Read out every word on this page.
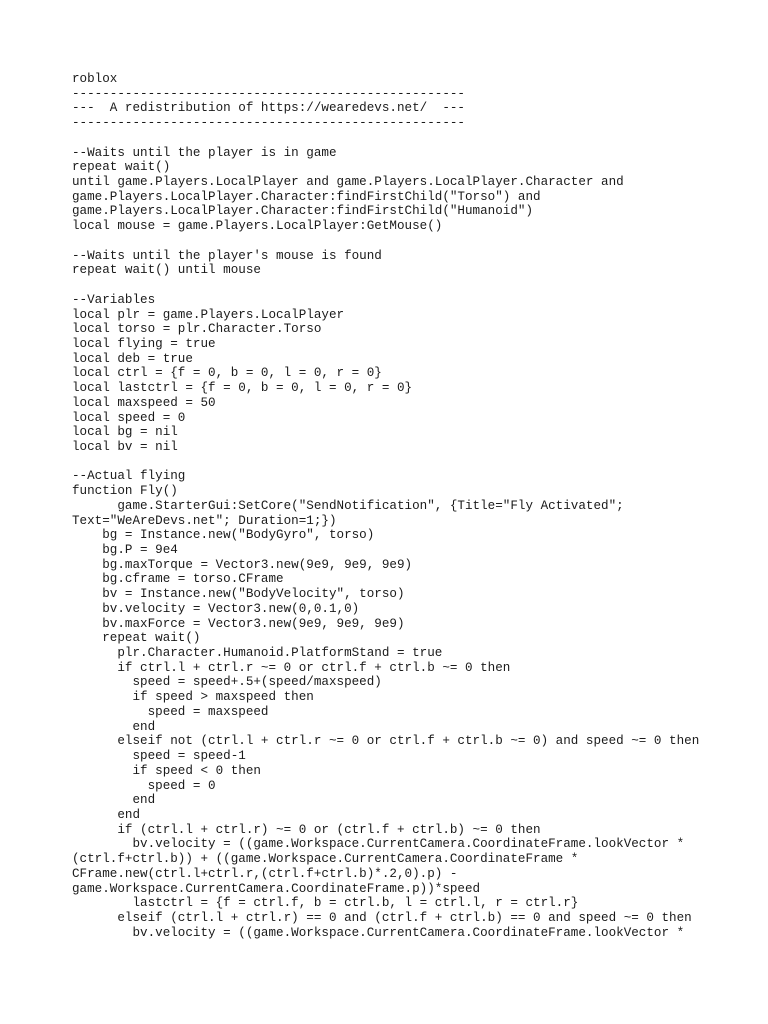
roblox
----------------------------------------------------
---  A redistribution of https://wearedevs.net/  ---
----------------------------------------------------
--Waits until the player is in game
repeat wait()
until game.Players.LocalPlayer and game.Players.LocalPlayer.Character and
game.Players.LocalPlayer.Character:findFirstChild("Torso") and
game.Players.LocalPlayer.Character:findFirstChild("Humanoid")
local mouse = game.Players.LocalPlayer:GetMouse()
--Waits until the player's mouse is found
repeat wait() until mouse
--Variables
local plr = game.Players.LocalPlayer
local torso = plr.Character.Torso
local flying = true
local deb = true
local ctrl = {f = 0, b = 0, l = 0, r = 0}
local lastctrl = {f = 0, b = 0, l = 0, r = 0}
local maxspeed = 50
local speed = 0
local bg = nil
local bv = nil
--Actual flying
function Fly()
game.StarterGui:SetCore("SendNotification", {Title="Fly Activated";
Text="WeAreDevs.net"; Duration=1;})
bg = Instance.new("BodyGyro", torso)
bg.P = 9e4
bg.maxTorque = Vector3.new(9e9, 9e9, 9e9)
bg.cframe = torso.CFrame
bv = Instance.new("BodyVelocity", torso)
bv.velocity = Vector3.new(0,0.1,0)
bv.maxForce = Vector3.new(9e9, 9e9, 9e9)
repeat wait()
plr.Character.Humanoid.PlatformStand = true
if ctrl.l + ctrl.r ~= 0 or ctrl.f + ctrl.b ~= 0 then
speed = speed+.5+(speed/maxspeed)
if speed > maxspeed then
speed = maxspeed
end
elseif not (ctrl.l + ctrl.r ~= 0 or ctrl.f + ctrl.b ~= 0) and speed ~= 0 then
speed = speed-1
if speed < 0 then
speed = 0
end
end
if (ctrl.l + ctrl.r) ~= 0 or (ctrl.f + ctrl.b) ~= 0 then
bv.velocity = ((game.Workspace.CurrentCamera.CoordinateFrame.lookVector *
(ctrl.f+ctrl.b)) + ((game.Workspace.CurrentCamera.CoordinateFrame *
CFrame.new(ctrl.l+ctrl.r,(ctrl.f+ctrl.b)*.2,0).p) -
game.Workspace.CurrentCamera.CoordinateFrame.p))*speed
lastctrl = {f = ctrl.f, b = ctrl.b, l = ctrl.l, r = ctrl.r}
elseif (ctrl.l + ctrl.r) == 0 and (ctrl.f + ctrl.b) == 0 and speed ~= 0 then
bv.velocity = ((game.Workspace.CurrentCamera.CoordinateFrame.lookVector *
